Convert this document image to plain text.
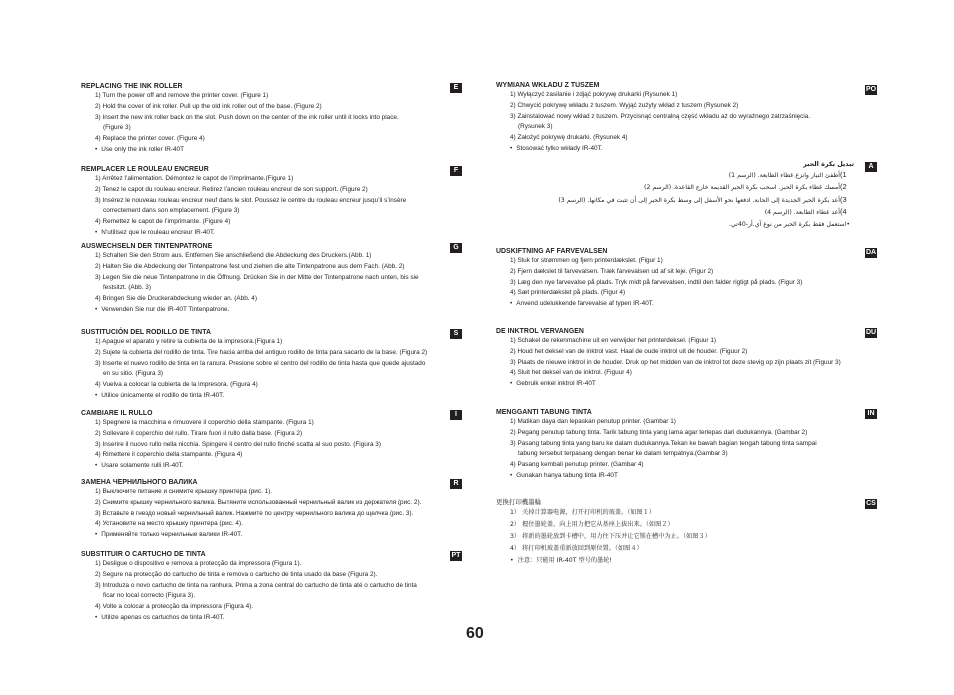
REPLACING THE INK ROLLER	E
1) Turn the power off and remove the printer cover. (Figure 1)
2) Hold the cover of ink roller. Pull up the old ink roller out of the base. (Figure 2)
3) Insert the new ink roller back on the slot. Push down on the center of the ink roller until it locks into place.
(Figure 3)
4) Replace the printer cover. (Figure 4)
• Use only the ink roller IR-40T
REMPLACER LE ROULEAU ENCREUR	F
1) Arrêtez l’alimentation. Démontez le capot de l’imprimante.(Figure 1)
2) Tenez le capot du rouleau encreur. Retirez l’ancien rouleau encreur de son support. (Figure 2)
3) Insérez le nouveau rouleau encreur neuf dans le slot. Poussez le centre du rouleau encreur jusqu’il s’insère
correctement dans son emplacement. (Figure 3)
4) Remettez le capot de l’imprimante. (Figure 4)
• N’utilisez que le rouleau encreur IR-40T.
AUSWECHSELN DER TINTENPATRONE	G
1) Schalten Sie den Strom aus. Entfernen Sie anschließend die Abdeckung des Druckers.(Abb. 1)
2) Halten Sie die Abdeckung der Tintenpatrone fest und ziehen die alte Tintenpatrone aus dem Fach. (Abb. 2)
3) Legen Sie die neue Tintenpatrone in die Öffnung. Drücken Sie in der Mitte der Tintenpatrone nach unten, bis sie
festsitzt. (Abb. 3)
4) Bringen Sie die Druckerabdeckung wieder an. (Abb. 4)
• Verwenden Sie nur die IR-40T Tintenpatrone.
SUSTITUCIÓN DEL RODILLO DE TINTA	S
1) Apague el aparato y retire la cubierta de la impresora.(Figura 1)
2) Sujete la cubierta del rodillo de tinta. Tire hacia arriba del antiguo rodillo de tinta para sacarlo de la base. (Figura 2)
3) Inserte el nuevo rodillo de tinta en la ranura. Presione sobre el centro del rodillo de tinta hasta que quede ajustado
en su sitio. (Figura 3)
4) Vuelva a colocar la cubierta de la impresora. (Figura 4)
• Utilice únicamente el rodillo de tinta IR-40T.
CAMBIARE IL RULLO	I
1) Spegnere la macchina e rimuovere il coperchio della stampante. (Figura 1)
2) Sollevare il coperchio del rullo. Tirare fuori il rullo dalla base. (Figura 2)
3) Inserire il nuovo rullo nella nicchia. Spingere il centro del rullo finché scatta al suo posto. (Figura 3)
4) Rimettere il coperchio della stampante. (Figura 4)
• Usare solamente rulli IR-40T.
ЗАМЕНА ЧЕРНИЛЬНОГО ВАЛИКА	R
1) Выключите питание и снимите крышку принтера (рис. 1).
2) Снимите крышку чернильного валика. Вытяните использованный чернильный валик из держателя (рис. 2).
3) Вставьте в гнездо новый чернильный валик. Нажмите по центру чернильного валика до щелчка (рис. 3).
4) Установите на место крышку принтера (рис. 4).
• Применяйте только чернильные валики IR-40T.
SUBSTITUIR O CARTUCHO DE TINTA	PT
1) Desligue o dispositivo e remova a protecção da impressora (Figura 1).
2) Segure na protecção do cartucho de tinta e remova o cartucho de tinta usado da base (Figura 2).
3) Introduza o novo cartucho de tinta na ranhura. Prima a zona central do cartucho de tinta até o cartucho de tinta
ficar no local correcto (Figura 3).
4) Volte a colocar a protecção da impressora (Figura 4).
• Utilize apenas os cartuchos de tinta IR-40T.
WYMIANA WKŁADU Z TUSZEM
PO
1) Wyłączyć zasilanie i zdjąć pokrywę drukarki (Rysunek 1)
2) Chwycić pokrywę wkładu z tuszem. Wyjąć zużyty wkład z tuszem (Rysunek 2)
3) Zainstalować nowy wkład z tuszem. Przycisnąć centralną część wkładu aż do wyraźnego zatrzaśnięcia.
(Rysunek 3)
4) Założyć pokrywę drukarki. (Rysunek 4)
• Stosować tylko wkłady IR-40T.
تبديل بكرة الحبر	A
1)أطفئ التيار وانزع غطاء الطابعة. (الرسم 1)
2)أمسك غطاء بكرة الحبر. اسحب بكرة الحبر القديمة خارج القاعدة. (الرسم 2)
3)أعد بكرة الحبر الجديدة إلى الخانة. ادفعها نحو الأسفل إلى وسط بكرة الحبر إلى أن تثبت في مكانها. (الرسم 3)
4)أعد غطاء الطابعة. (الرسم 4)
• استعمل فقط بكرة الحبر من نوع آي.أر-40تي.
UDSKIFTNING AF FARVEVALSEN	DA
1) Sluk for strømmen og fjern printerdækslet. (Figur 1)
2) Fjern dækslet til farvevalsen. Træk farvevalsen ud af sit leje. (Figur 2)
3) Læg den nye farvevalse på plads. Tryk midt på farvevalsen, indtil den falder rigtigt på plads. (Figur 3)
4) Sæt printerdækslet på plads. (Figur 4)
• Anvend udelukkende farvevalse af typen IR-40T.
DE INKTROL VERVANGEN	DU
1) Schakel de rekenmachine uit en verwijder het printerdeksel. (Figuur 1)
2) Houd het deksel van de inktrol vast. Haal de oude inktrol uit de houder. (Figuur 2)
3) Plaats de nieuwe inktrol in de houder. Druk op het midden van de inktrol tot deze stevig op zijn plaats zit (Figuur 3)
4) Sluit het deksel van de inktrol. (Figuur 4)
• Gebruik enkel inktrol IR-40T
MENGGANTI TABUNG TINTA	IN
1) Matikan daya dan lepaskan penutup printer. (Gambar 1)
2) Pegang penutup tabung tinta. Tarik tabung tinta yang lama agar terlepas dari dudukannya. (Gambar 2)
3) Pasang tabung tinta yang baru ke dalam dudukannya.Tekan ke bawah bagian tengah tabung tinta sampai
tabung tersebut terpasang dengan benar ke dalam tempatnya.(Gambar 3)
4) Pasang kembali penutup printer. (Gambar 4)
• Gunakan hanya tabung tinta IR-40T
更換打印機墨輪	CS
1） 关掉计算器电源，打开打印机的玻盖。（如图１）
2） 握住墨轮盖，向上用力把它从基座上拔出来。（如图２）
3） 将新的墨轮放到卡槽中，用力往下压并让它锁在槽中为止。（如图３）
4） 将打印机玻盖重新放回到原位置。（如图４）
• 注意：只能用 IR-40T 型号的墨轮!
60
